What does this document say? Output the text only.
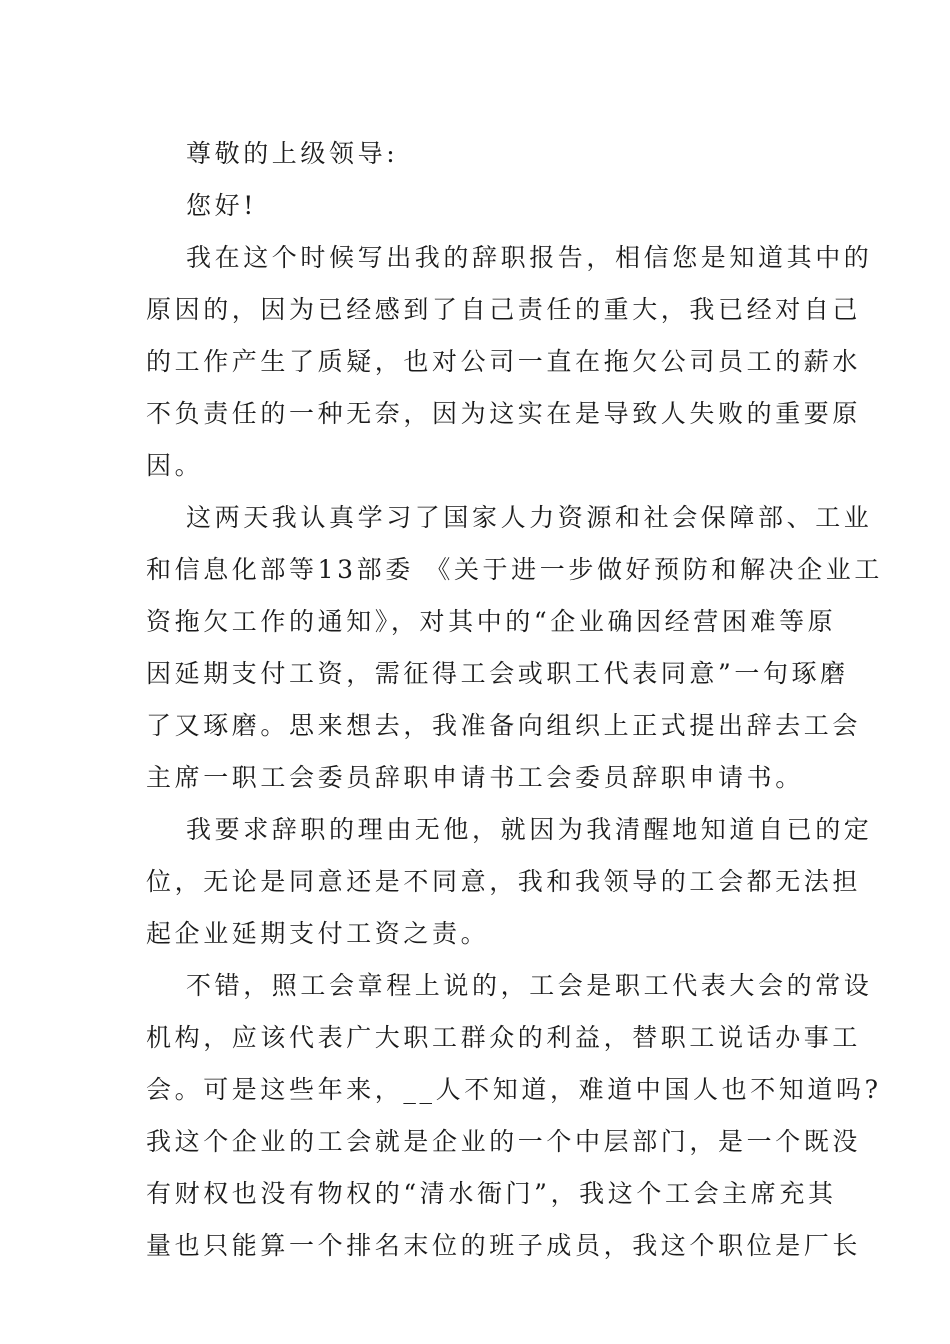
尊敬的上级领导:
您好!
我在这个时候写出我的辞职报告，相信您是知道其中的
原因的，因为已经感到了自己责任的重大，我已经对自己
的工作产生了质疑，也对公司一直在拖欠公司员工的薪水
不负责任的一种无奈，因为这实在是导致人失败的重要原
因。
这两天我认真学习了国家人力资源和社会保障部、工业
和信息化部等13部委 《关于进一步做好预防和解决企业工
资拖欠工作的通知》，对其中的“企业确因经营困难等原
因延期支付工资，需征得工会或职工代表同意”一句琢磨
了又琢磨。思来想去，我准备向组织上正式提出辞去工会
主席一职工会委员辞职申请书工会委员辞职申请书。
我要求辞职的理由无他，就因为我清醒地知道自已的定
位，无论是同意还是不同意，我和我领导的工会都无法担
起企业延期支付工资之责。
不错，照工会章程上说的，工会是职工代表大会的常设
机构，应该代表广大职工群众的利益，替职工说话办事工
会。可是这些年来，__人不知道，难道中国人也不知道吗?
我这个企业的工会就是企业的一个中层部门，是一个既没
有财权也没有物权的“清水衙门”，我这个工会主席充其
量也只能算一个排名末位的班子成员，我这个职位是厂长
